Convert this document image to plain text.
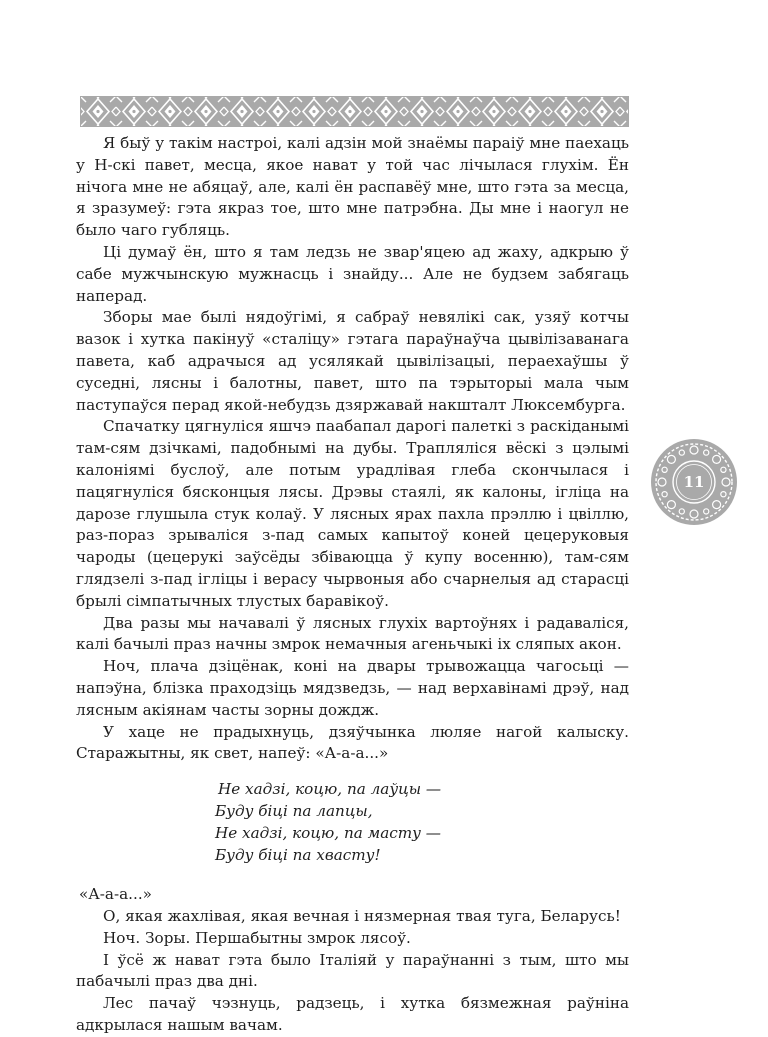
Я быў у такім настроі, калі адзін мой знаёмы параіў мне паехаць у Н-скі павет, месца, якое нават у той час лічылася глухім. Ён нічога мне не абяцаў, але, калі ён распавёў мне, што гэта за месца, я зразумеў: гэта якраз тое, што мне патрэбна. Ды мне і наогул не было чаго губляць.

Ці думаў ён, што я там ледзь не звар'яцею ад жаху, адкрыю ў сабе мужчынскую мужнасць і знайду... Але не будзем забягаць наперад.

Зборы мае былі нядоўгімі, я сабраў невялікі сак, узяў котчы вазок і хутка пакінуў «сталіцу» гэтага параўнаўча цывілізаванага павета, каб адрачыся ад усялякай цывілізацыі, пераехаўшы ў суседні, лясны і балотны, павет, што па тэрыторыі мала чым паступаўся перад якой-небудзь дзяржавай накшталт Люксембурга.

Спачатку цягнуліся яшчэ паабапал дарогі палеткі з раскіданымі там-сям дзічкамі, падобнымі на дубы. Трапляліся вёскі з цэлымі калоніямі буслоў, але потым урадлівая глеба скончылася і пацягнуліся бясконцыя лясы. Дрэвы стаялі, як калоны, ігліца на дарозе глушыла стук колаў. У лясных ярах пахла прэллю і цвіллю, раз-пораз зрываліся з-пад самых капытоў коней цецеруковыя чароды (цецерукі заўсёды збіваюцца ў купу восенню), там-сям глядзелі з-пад ігліцы і верасу чырвоныя або счарнелыя ад старасці брылі сімпатычных тлустых баравікоў.

Два разы мы начавалі ў лясных глухіх вартоўнях і радаваліся, калі бачылі праз начны змрок немачныя агеньчыкі іх сляпых акон.

Ноч, плача дзіцёнак, коні на двары трывожацца чагосьці — напэўна, блізка праходзіць мядзведзь, — над верхавінамі дрэў, над лясным акіянам часты зорны дождж.

У хаце не прадыхнуць, дзяўчынка люляе нагой калыску. Старажытны, як свет, напеў: «А-а-а...»

Не хадзі, коцю, па лаўцы —
Буду біці па лапцы,
Не хадзі, коцю, па масту —
Буду біці па хвасту!

«А-а-а...»

О, якая жахлівая, якая вечная і нязмерная твая туга, Беларусь!

Ноч. Зоры. Першабытны змрок лясоў.

І ўсё ж нават гэта было Італіяй у параўнанні з тым, што мы пабачылі праз два дні.

Лес пачаў чэзнуць, радзець, і хутка бязмежная раўніна адкрылася нашым вачам.

11
